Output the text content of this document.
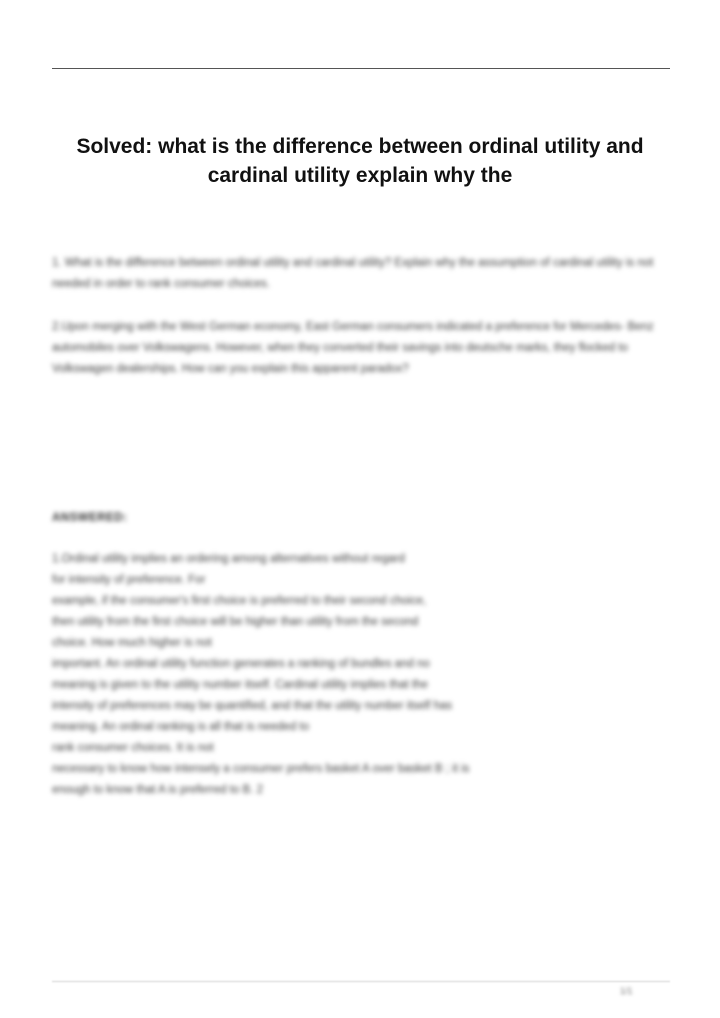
Solved: what is the difference between ordinal utility and cardinal utility explain why the

1. What is the difference between ordinal utility and cardinal utility? Explain why the assumption of cardinal utility is not needed in order to rank consumer choices.

2.Upon merging with the West German economy, East German consumers indicated a preference for Mercedes- Benz automobiles over Volkswagens. However, when they converted their savings into deutsche marks, they flocked to Volkswagen dealerships. How can you explain this apparent paradox?

ANSWERED:

1.Ordinal utility implies an ordering among alternatives without regard
for intensity of preference. For
example, if the consumer's first choice is preferred to their second choice,
then utility from the first choice will be higher than utility from the second
choice. How much higher is not
important. An ordinal utility function generates a ranking of bundles and no
meaning is given to the utility number itself. Cardinal utility implies that the
intensity of preferences may be quantified, and that the utility number itself has
meaning. An ordinal ranking is all that is needed to
rank consumer choices. It is not
necessary to know how intensely a consumer prefers basket A over basket B ; it is
enough to know that A is preferred to B. 2
1/1
